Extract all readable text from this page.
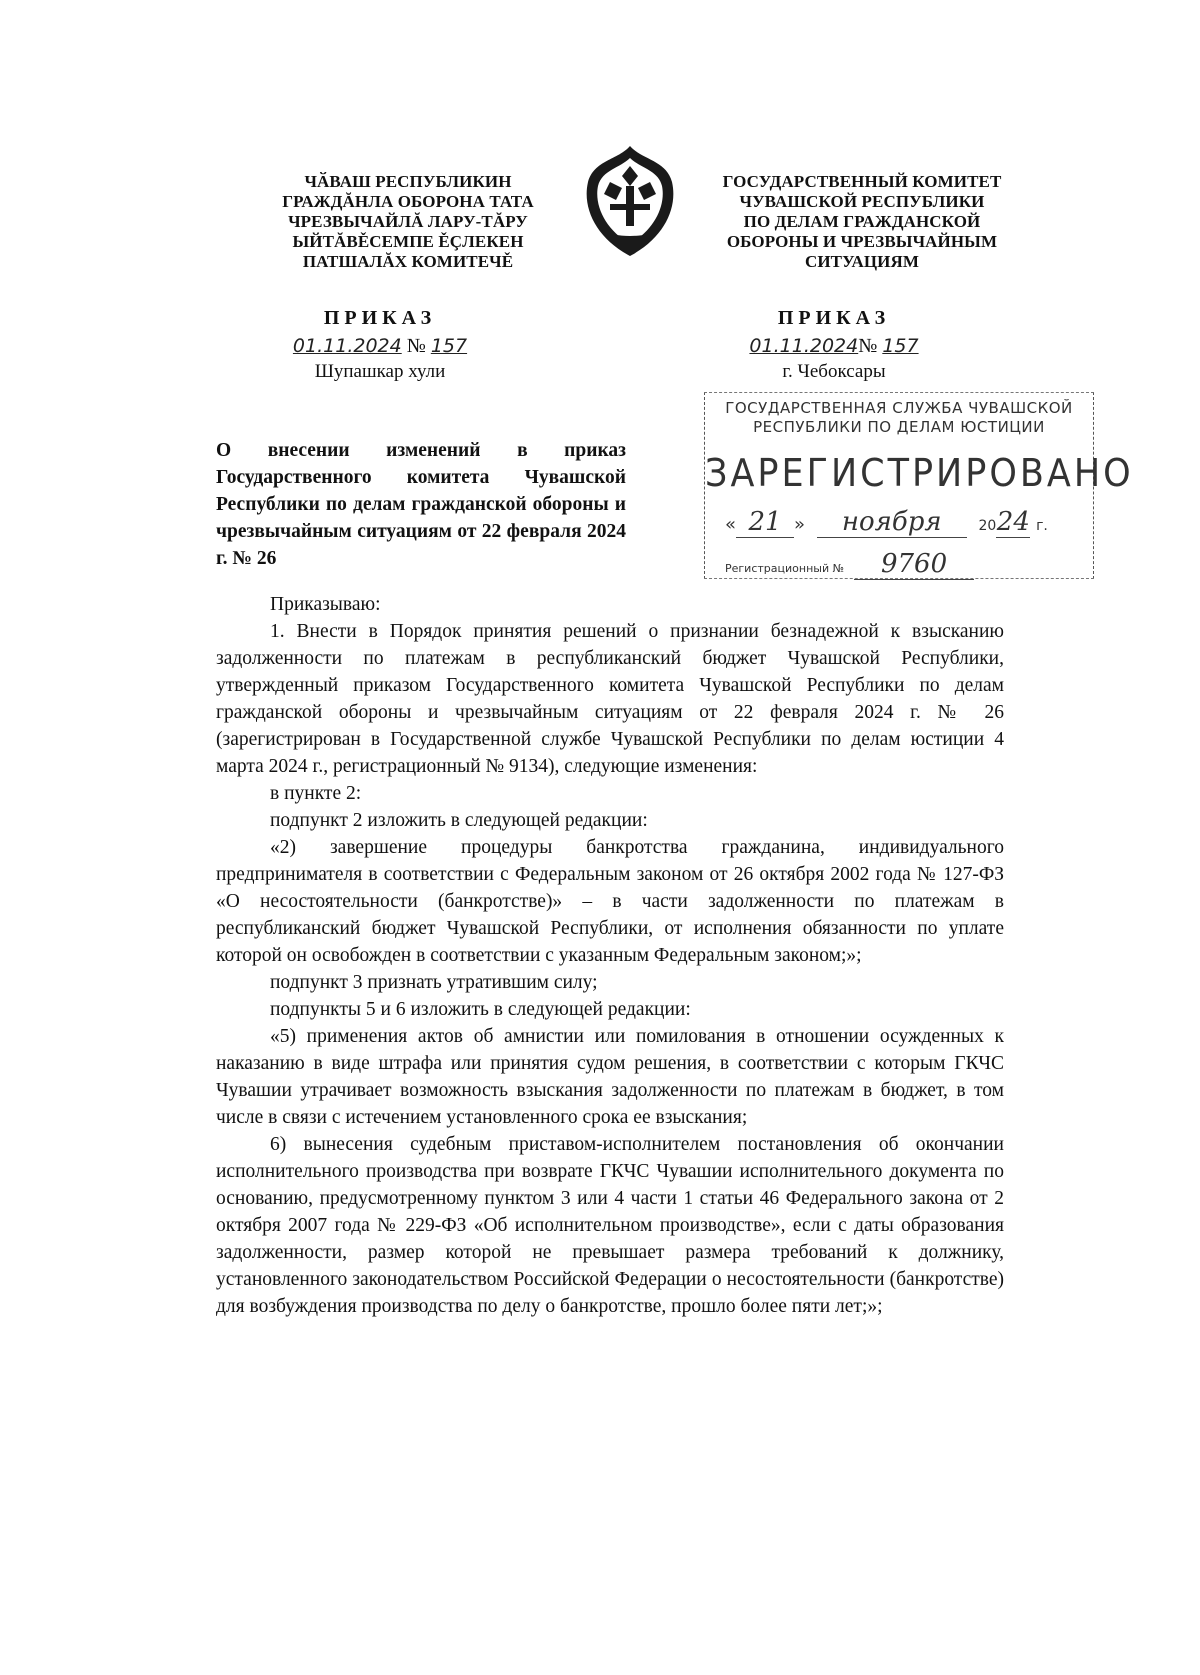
ЧӐВАШ РЕСПУБЛИКИН
ГРАЖДĂНЛА ОБОРОНА ТАТА
ЧРЕЗВЫЧАЙЛĂ ЛАРУ-ТĂРУ
ЫЙТĂВĚСЕМПЕ ĚÇЛЕКЕН
ПАТШАЛĂХ КОМИТЕЧĚ
ГОСУДАРСТВЕННЫЙ КОМИТЕТ
ЧУВАШСКОЙ РЕСПУБЛИКИ
ПО ДЕЛАМ ГРАЖДАНСКОЙ
ОБОРОНЫ И ЧРЕЗВЫЧАЙНЫМ
СИТУАЦИЯМ
ПРИКАЗ	ПРИКАЗ
01.11.2024 № 157	01.11.2024№ 157
Шупашкар хули	г. Чебоксары
ГОСУДАРСТВЕННАЯ СЛУЖБА ЧУВАШСКОЙ
РЕСПУБЛИКИ ПО ДЕЛАМ ЮСТИЦИИ
ЗАРЕГИСТРИРОВАНО
« 21 » ноября	2024 г.
Регистрационный № 9760
О внесении изменений в приказ Государственного комитета Чувашской Республики по делам гражданской обороны и чрезвычайным ситуациям от 22 февраля 2024 г. № 26

Приказываю:

1. Внести в Порядок принятия решений о признании безнадежной к взысканию задолженности по платежам в республиканский бюджет Чувашской Республики, утвержденный приказом Государственного комитета Чувашской Республики по делам гражданской обороны и чрезвычайным ситуациям от 22 февраля 2024 г. № 26 (зарегистрирован в Государственной службе Чувашской Республики по делам юстиции 4 марта 2024 г., регистрационный № 9134), следующие изменения:

в пункте 2:

подпункт 2 изложить в следующей редакции:

«2) завершение процедуры банкротства гражданина, индивидуального предпринимателя в соответствии с Федеральным законом от 26 октября 2002 года № 127-ФЗ «О несостоятельности (банкротстве)» – в части задолженности по платежам в республиканский бюджет Чувашской Республики, от исполнения обязанности по уплате которой он освобожден в соответствии с указанным Федеральным законом;»;

подпункт 3 признать утратившим силу;

подпункты 5 и 6 изложить в следующей редакции:

«5) применения актов об амнистии или помилования в отношении осужденных к наказанию в виде штрафа или принятия судом решения, в соответствии с которым ГКЧС Чувашии утрачивает возможность взыскания задолженности по платежам в бюджет, в том числе в связи с истечением установленного срока ее взыскания;

6) вынесения судебным приставом-исполнителем постановления об окончании исполнительного производства при возврате ГКЧС Чувашии исполнительного документа по основанию, предусмотренному пунктом 3 или 4 части 1 статьи 46 Федерального закона от 2 октября 2007 года № 229-ФЗ «Об исполнительном производстве», если с даты образования задолженности, размер которой не превышает размера требований к должнику, установленного законодательством Российской Федерации о несостоятельности (банкротстве) для возбуждения производства по делу о банкротстве, прошло более пяти лет;»;
